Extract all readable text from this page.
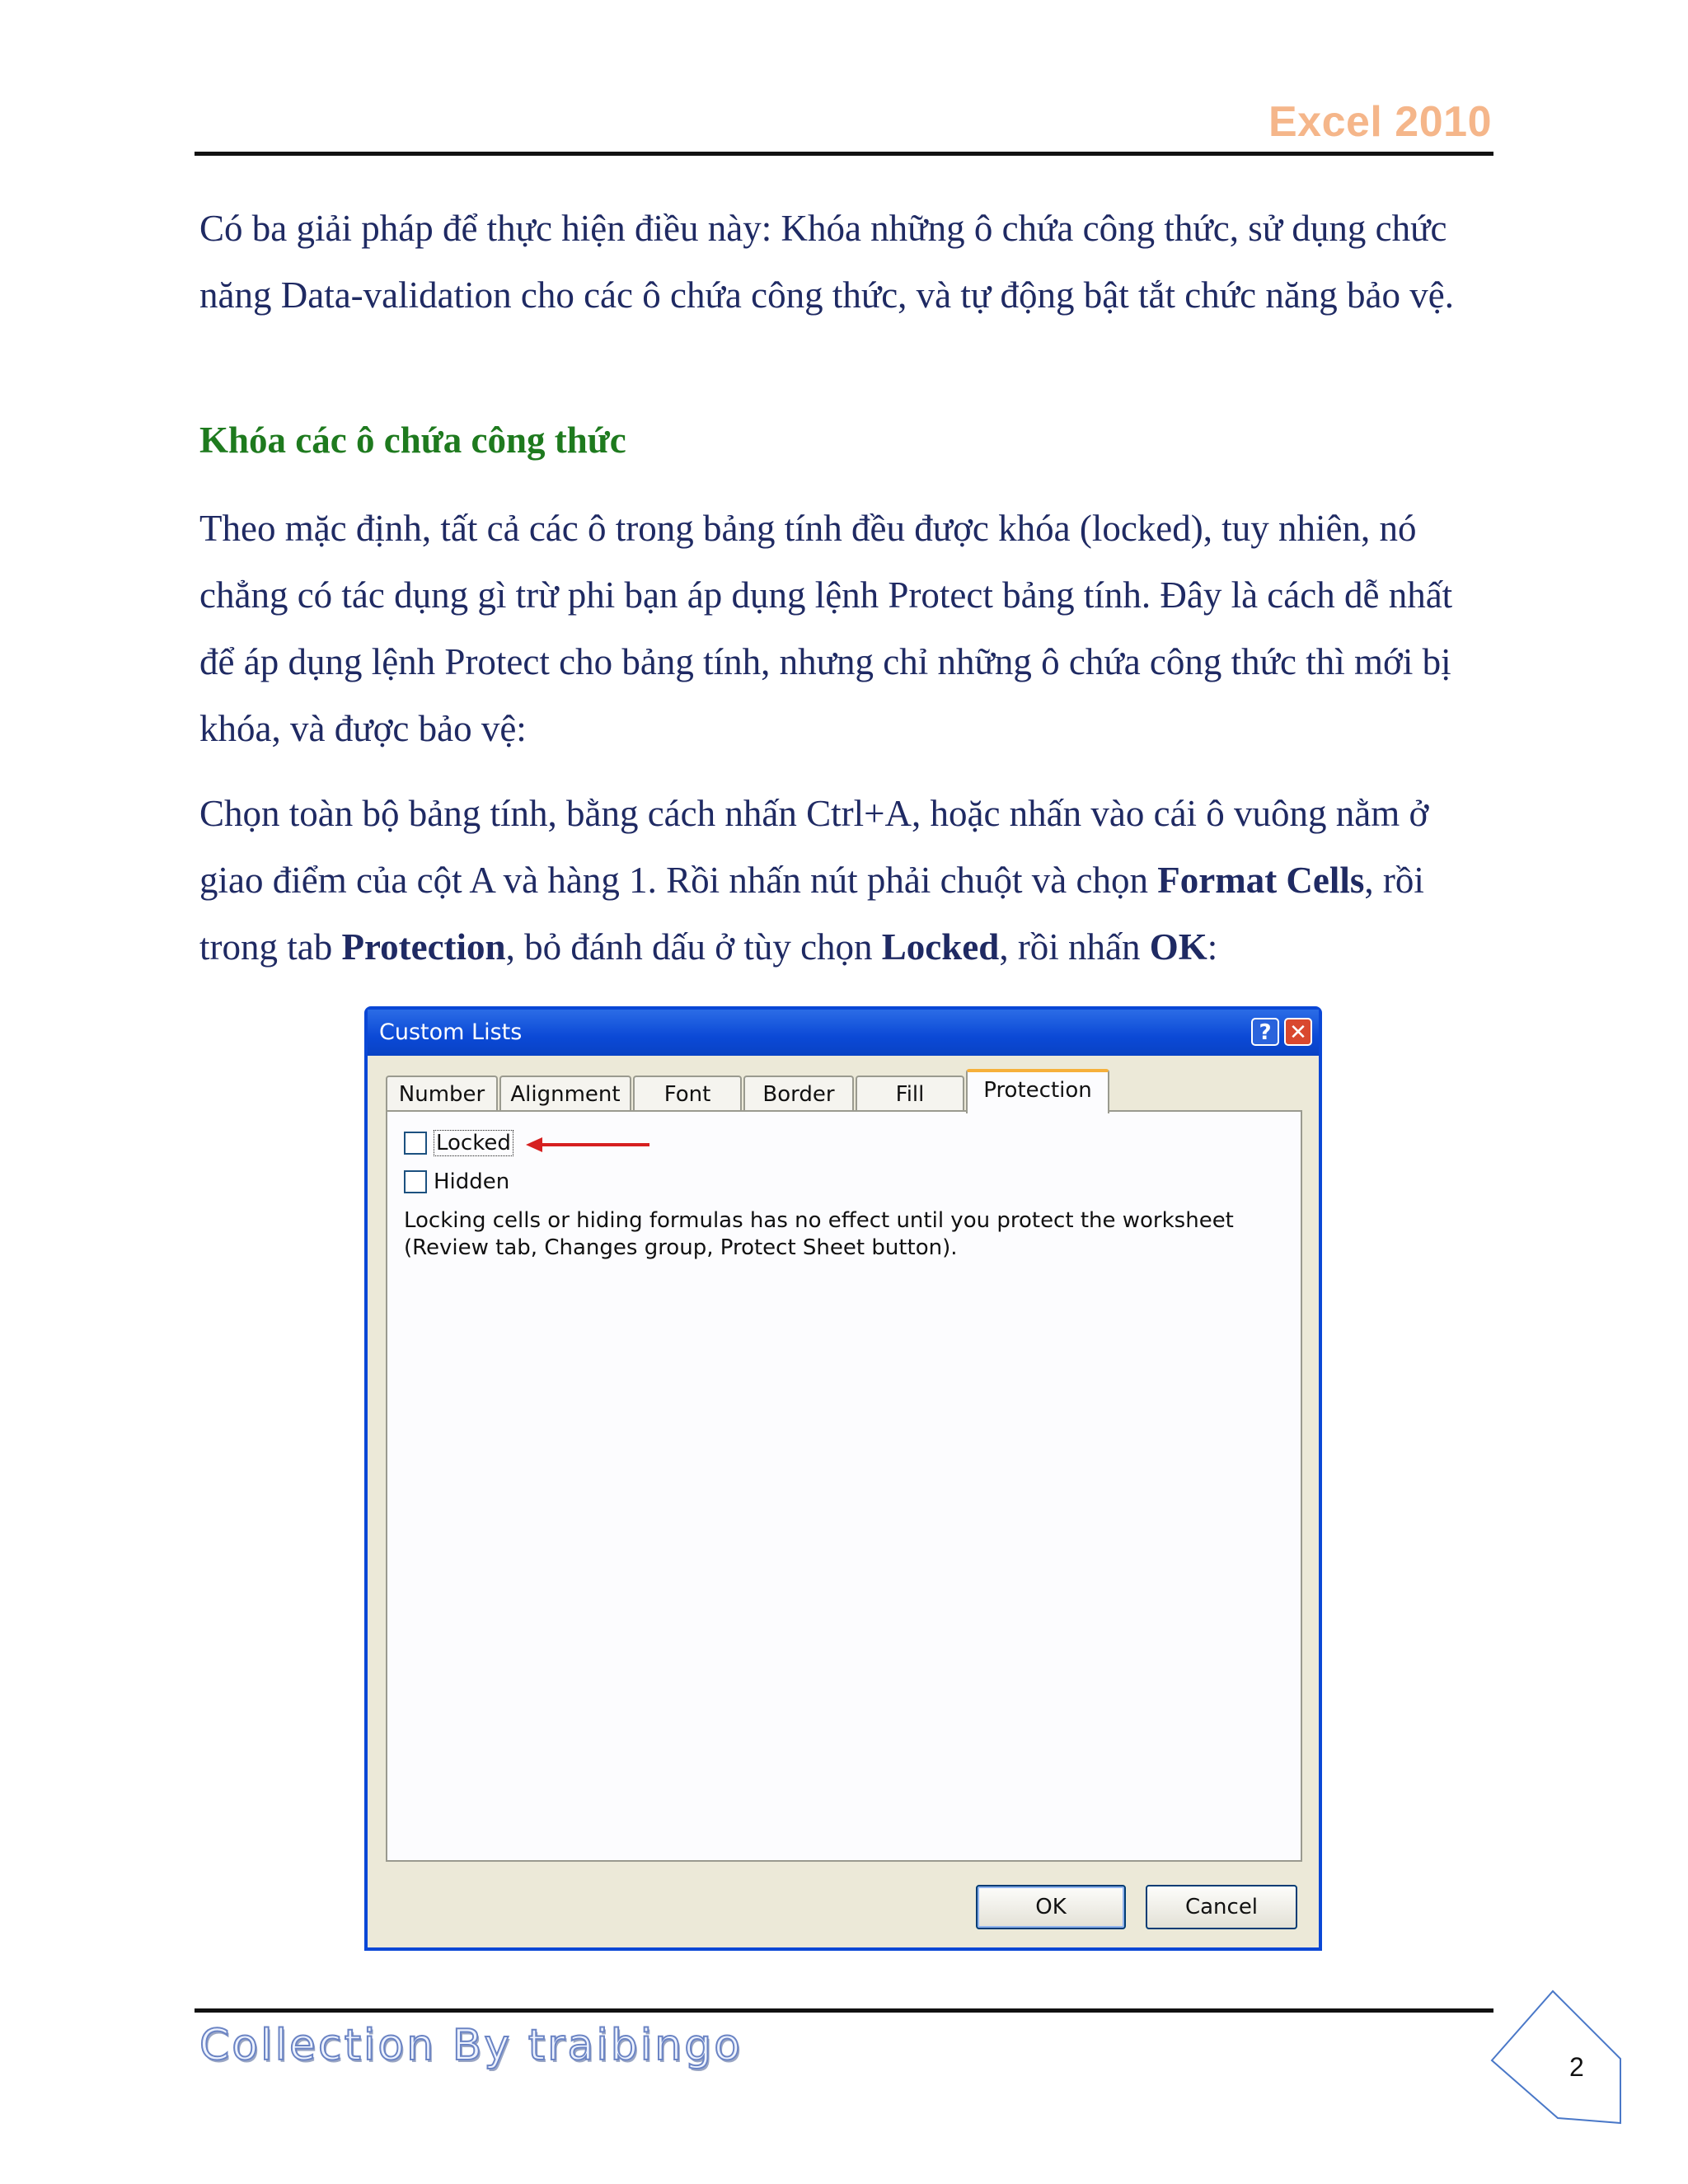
Excel 2010

Có ba giải pháp để thực hiện điều này: Khóa những ô chứa công thức, sử dụng chức năng Data-validation cho các ô chứa công thức, và tự động bật tắt chức năng bảo vệ.

Khóa các ô chứa công thức

Theo mặc định, tất cả các ô trong bảng tính đều được khóa (locked), tuy nhiên, nó chẳng có tác dụng gì trừ phi bạn áp dụng lệnh Protect bảng tính. Đây là cách dễ nhất để áp dụng lệnh Protect cho bảng tính, nhưng chỉ những ô chứa công thức thì mới bị khóa, và được bảo vệ:

Chọn toàn bộ bảng tính, bằng cách nhấn Ctrl+A, hoặc nhấn vào cái ô vuông nằm ở giao điểm của cột A và hàng 1. Rồi nhấn nút phải chuột và chọn Format Cells, rồi trong tab Protection, bỏ đánh dấu ở tùy chọn Locked, rồi nhấn OK:

Custom Lists	? ✕
Number	Alignment	Font	Border	Fill	Protection
Locked
Hidden
Locking cells or hiding formulas has no effect until you protect the worksheet (Review tab, Changes group, Protect Sheet button).
OK	Cancel
Collection By traibingo	2
